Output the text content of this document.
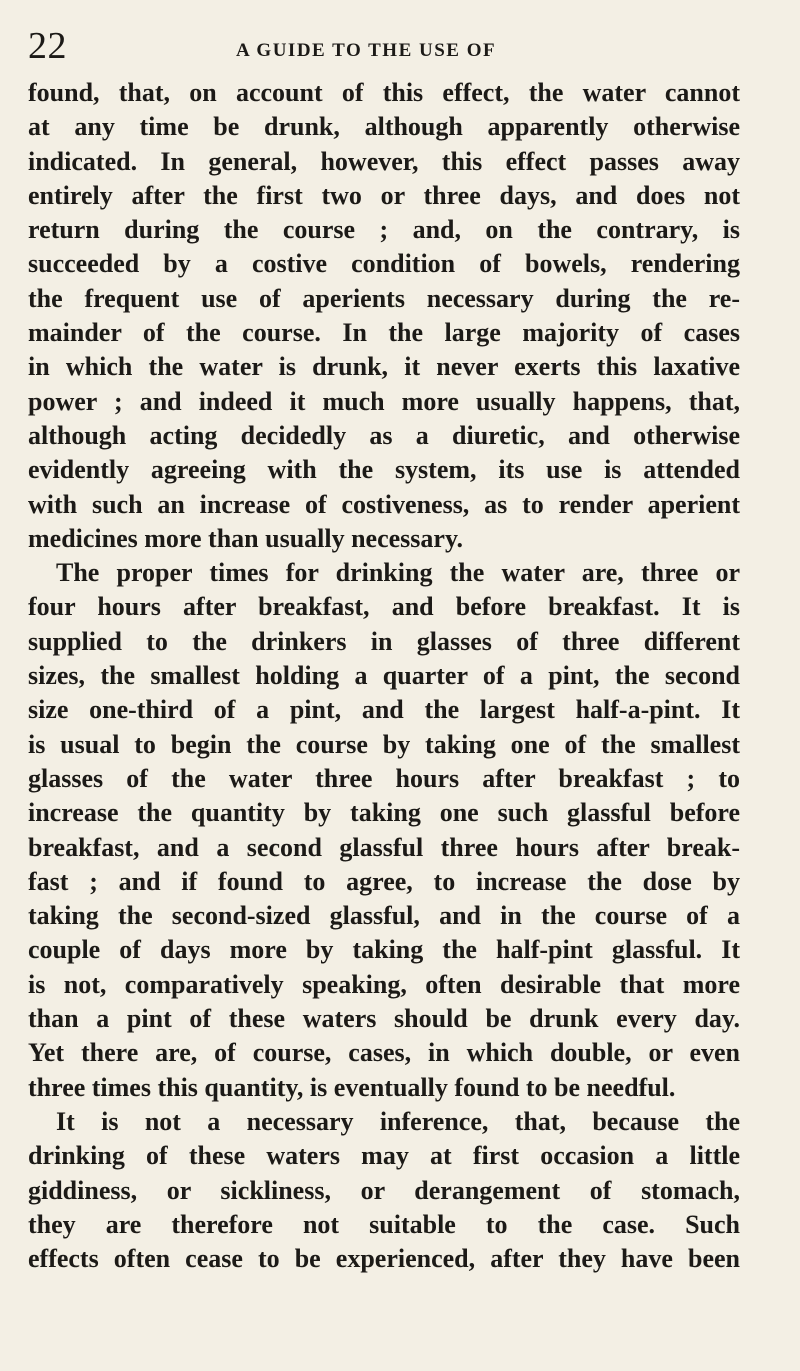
22	A GUIDE TO THE USE OF
found, that, on account of this effect, the water cannot
at any time be drunk, although apparently otherwise
indicated. In general, however, this effect passes away
entirely after the first two or three days, and does not
return during the course ; and, on the contrary, is
succeeded by a costive condition of bowels, rendering
the frequent use of aperients necessary during the re-
mainder of the course. In the large majority of cases
in which the water is drunk, it never exerts this laxative
power ; and indeed it much more usually happens, that,
although acting decidedly as a diuretic, and otherwise
evidently agreeing with the system, its use is attended
with such an increase of costiveness, as to render aperient
medicines more than usually necessary.
The proper times for drinking the water are, three or
four hours after breakfast, and before breakfast. It is
supplied to the drinkers in glasses of three different
sizes, the smallest holding a quarter of a pint, the second
size one-third of a pint, and the largest half-a-pint. It
is usual to begin the course by taking one of the smallest
glasses of the water three hours after breakfast ; to
increase the quantity by taking one such glassful before
breakfast, and a second glassful three hours after break-
fast ; and if found to agree, to increase the dose by
taking the second-sized glassful, and in the course of a
couple of days more by taking the half-pint glassful. It
is not, comparatively speaking, often desirable that more
than a pint of these waters should be drunk every day.
Yet there are, of course, cases, in which double, or even
three times this quantity, is eventually found to be needful.
It is not a necessary inference, that, because the
drinking of these waters may at first occasion a little
giddiness, or sickliness, or derangement of stomach,
they are therefore not suitable to the case. Such
effects often cease to be experienced, after they have been
